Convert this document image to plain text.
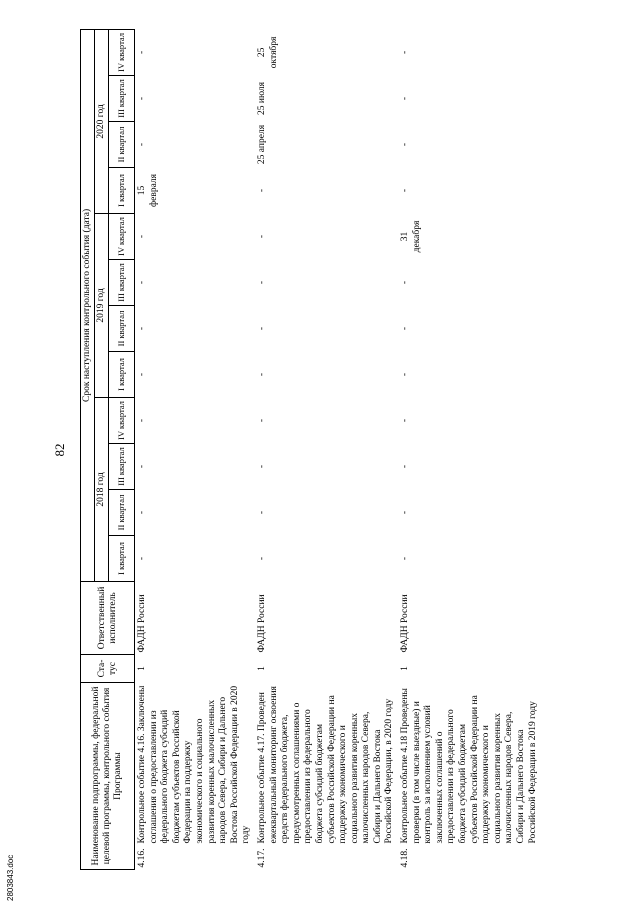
82
Наименование подпрограммы, федеральной целевой программы, контрольного события Программы		Ста-тус	Ответственный исполнитель	Срок наступления контрольного события (дата)											
				2018 год				2019 год				2020 год			
				I квартал	II квартал	III квартал	IV квартал	I квартал	II квартал	III квартал	IV квартал	I квартал	II квартал	III квартал	IV квартал
4.16.	Контрольное событие 4.16. Заключены соглашения о предоставлении из федерального бюджета субсидий бюджетам субъектов Российской Федерации на поддержку экономического и социального развития коренных малочисленных народов Севера, Сибири и Дальнего Востока Российской Федерации в 2020 году	1	ФАДН России	-	-	-	-	-	-	-	-	15 февраля	-	-	-
4.17.	Контрольное событие 4.17. Проведен ежеквартальный мониторинг освоения средств федерального бюджета, предусмотренных соглашениями о предоставлении из федерального бюджета субсидий бюджетам субъектов Российской Федерации на поддержку экономического и социального развития коренных малочисленных народов Севера, Сибири и Дальнего Востока Российской Федерации, в 2020 году	1	ФАДН России	-	-	-	-	-	-	-	-	-	25 апреля	25 июля	25 октября
4.18.	Контрольное событие 4.18 Проведены проверки (в том числе выездные) и контроль за исполнением условий заключенных соглашений о предоставлении из федерального бюджета субсидий бюджетам субъектов Российской Федерации на поддержку экономического и социального развития коренных малочисленных народов Севера, Сибири и Дальнего Востока Российской Федерации в 2019 году	1	ФАДН России	-	-	-	-	-	-	-	31 декабря	-	-	-	-
2803843.doc
